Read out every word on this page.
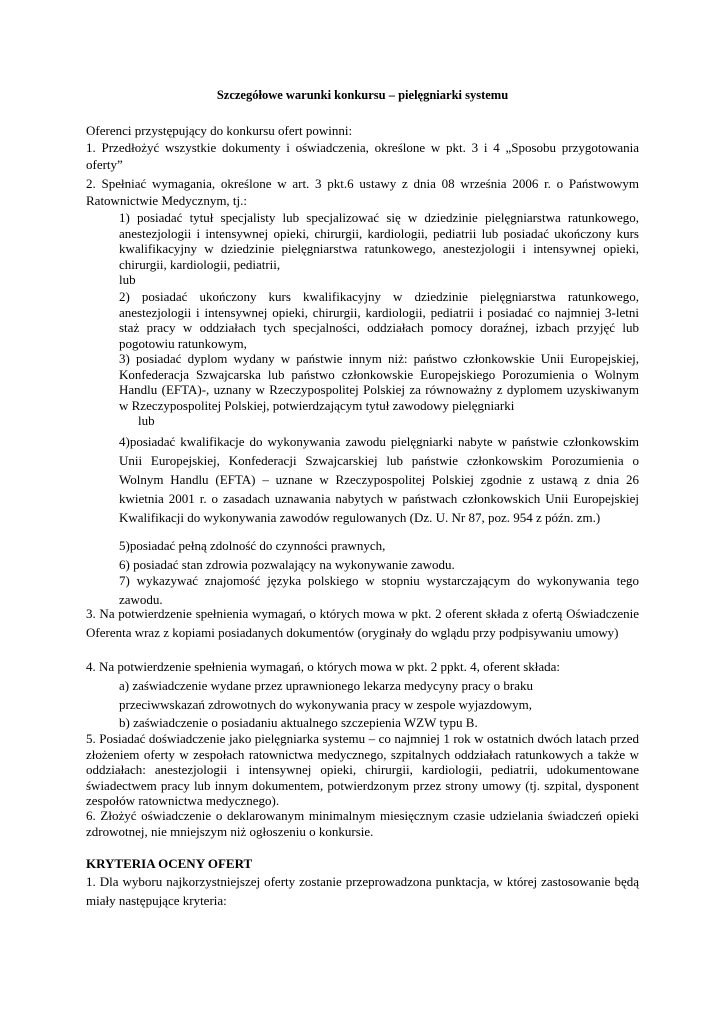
Szczegółowe warunki konkursu – pielęgniarki systemu
Oferenci przystępujący do konkursu ofert powinni:
1. Przedłożyć wszystkie dokumenty i oświadczenia, określone w pkt. 3 i 4 „Sposobu przygotowania oferty”
2. Spełniać wymagania, określone w art. 3 pkt.6 ustawy z dnia 08 września 2006 r. o Państwowym Ratownictwie Medycznym, tj.:
1) posiadać tytuł specjalisty lub specjalizować się w dziedzinie pielęgniarstwa ratunkowego, anestezjologii i intensywnej opieki, chirurgii, kardiologii, pediatrii lub posiadać ukończony kurs kwalifikacyjny w dziedzinie pielęgniarstwa ratunkowego, anestezjologii i intensywnej opieki, chirurgii, kardiologii, pediatrii,
lub
2) posiadać ukończony kurs kwalifikacyjny w dziedzinie pielęgniarstwa ratunkowego, anestezjologii i intensywnej opieki, chirurgii, kardiologii, pediatrii i posiadać co najmniej 3-letni staż pracy w oddziałach tych specjalności, oddziałach pomocy doraźnej, izbach przyjęć lub pogotowiu ratunkowym,
3) posiadać dyplom wydany w państwie innym niż: państwo członkowskie Unii Europejskiej, Konfederacja Szwajcarska lub państwo członkowskie Europejskiego Porozumienia o Wolnym Handlu (EFTA)-, uznany w Rzeczypospolitej Polskiej za równoważny z dyplomem uzyskiwanym w Rzeczypospolitej Polskiej, potwierdzającym tytuł zawodowy pielęgniarki
lub
4)posiadać kwalifikacje do wykonywania zawodu pielęgniarki nabyte w państwie członkowskim Unii Europejskiej, Konfederacji Szwajcarskiej lub państwie członkowskim Porozumienia o Wolnym Handlu (EFTA) – uznane w Rzeczypospolitej Polskiej zgodnie z ustawą z dnia 26 kwietnia 2001 r. o zasadach uznawania nabytych w państwach członkowskich Unii Europejskiej Kwalifikacji do wykonywania zawodów regulowanych (Dz. U. Nr 87, poz. 954 z późn. zm.)
5)posiadać pełną zdolność do czynności prawnych,
6) posiadać stan zdrowia pozwalający na wykonywanie zawodu.
7) wykazywać znajomość języka polskiego w stopniu wystarczającym do wykonywania tego zawodu.
3. Na potwierdzenie spełnienia wymagań, o których mowa w pkt. 2 oferent składa z ofertą Oświadczenie Oferenta wraz z kopiami posiadanych dokumentów (oryginały do wglądu przy podpisywaniu umowy)
4. Na potwierdzenie spełnienia wymagań, o których mowa w pkt. 2 ppkt. 4, oferent składa:
a) zaświadczenie wydane przez uprawnionego lekarza medycyny pracy o braku przeciwwskazań zdrowotnych do wykonywania pracy w zespole wyjazdowym,
b) zaświadczenie o posiadaniu aktualnego szczepienia WZW typu B.
5. Posiadać doświadczenie jako pielęgniarka systemu – co najmniej 1 rok w ostatnich dwóch latach przed złożeniem oferty w zespołach ratownictwa medycznego, szpitalnych oddziałach ratunkowych a także w oddziałach: anestezjologii i intensywnej opieki, chirurgii, kardiologii, pediatrii, udokumentowane świadectwem pracy lub innym dokumentem, potwierdzonym przez strony umowy (tj. szpital, dysponent zespołów ratownictwa medycznego).
6. Złożyć oświadczenie o deklarowanym minimalnym miesięcznym czasie udzielania świadczeń opieki zdrowotnej, nie mniejszym niż ogłoszeniu o konkursie.
KRYTERIA OCENY OFERT
1. Dla wyboru najkorzystniejszej oferty zostanie przeprowadzona punktacja, w której zastosowanie będą miały następujące kryteria:
